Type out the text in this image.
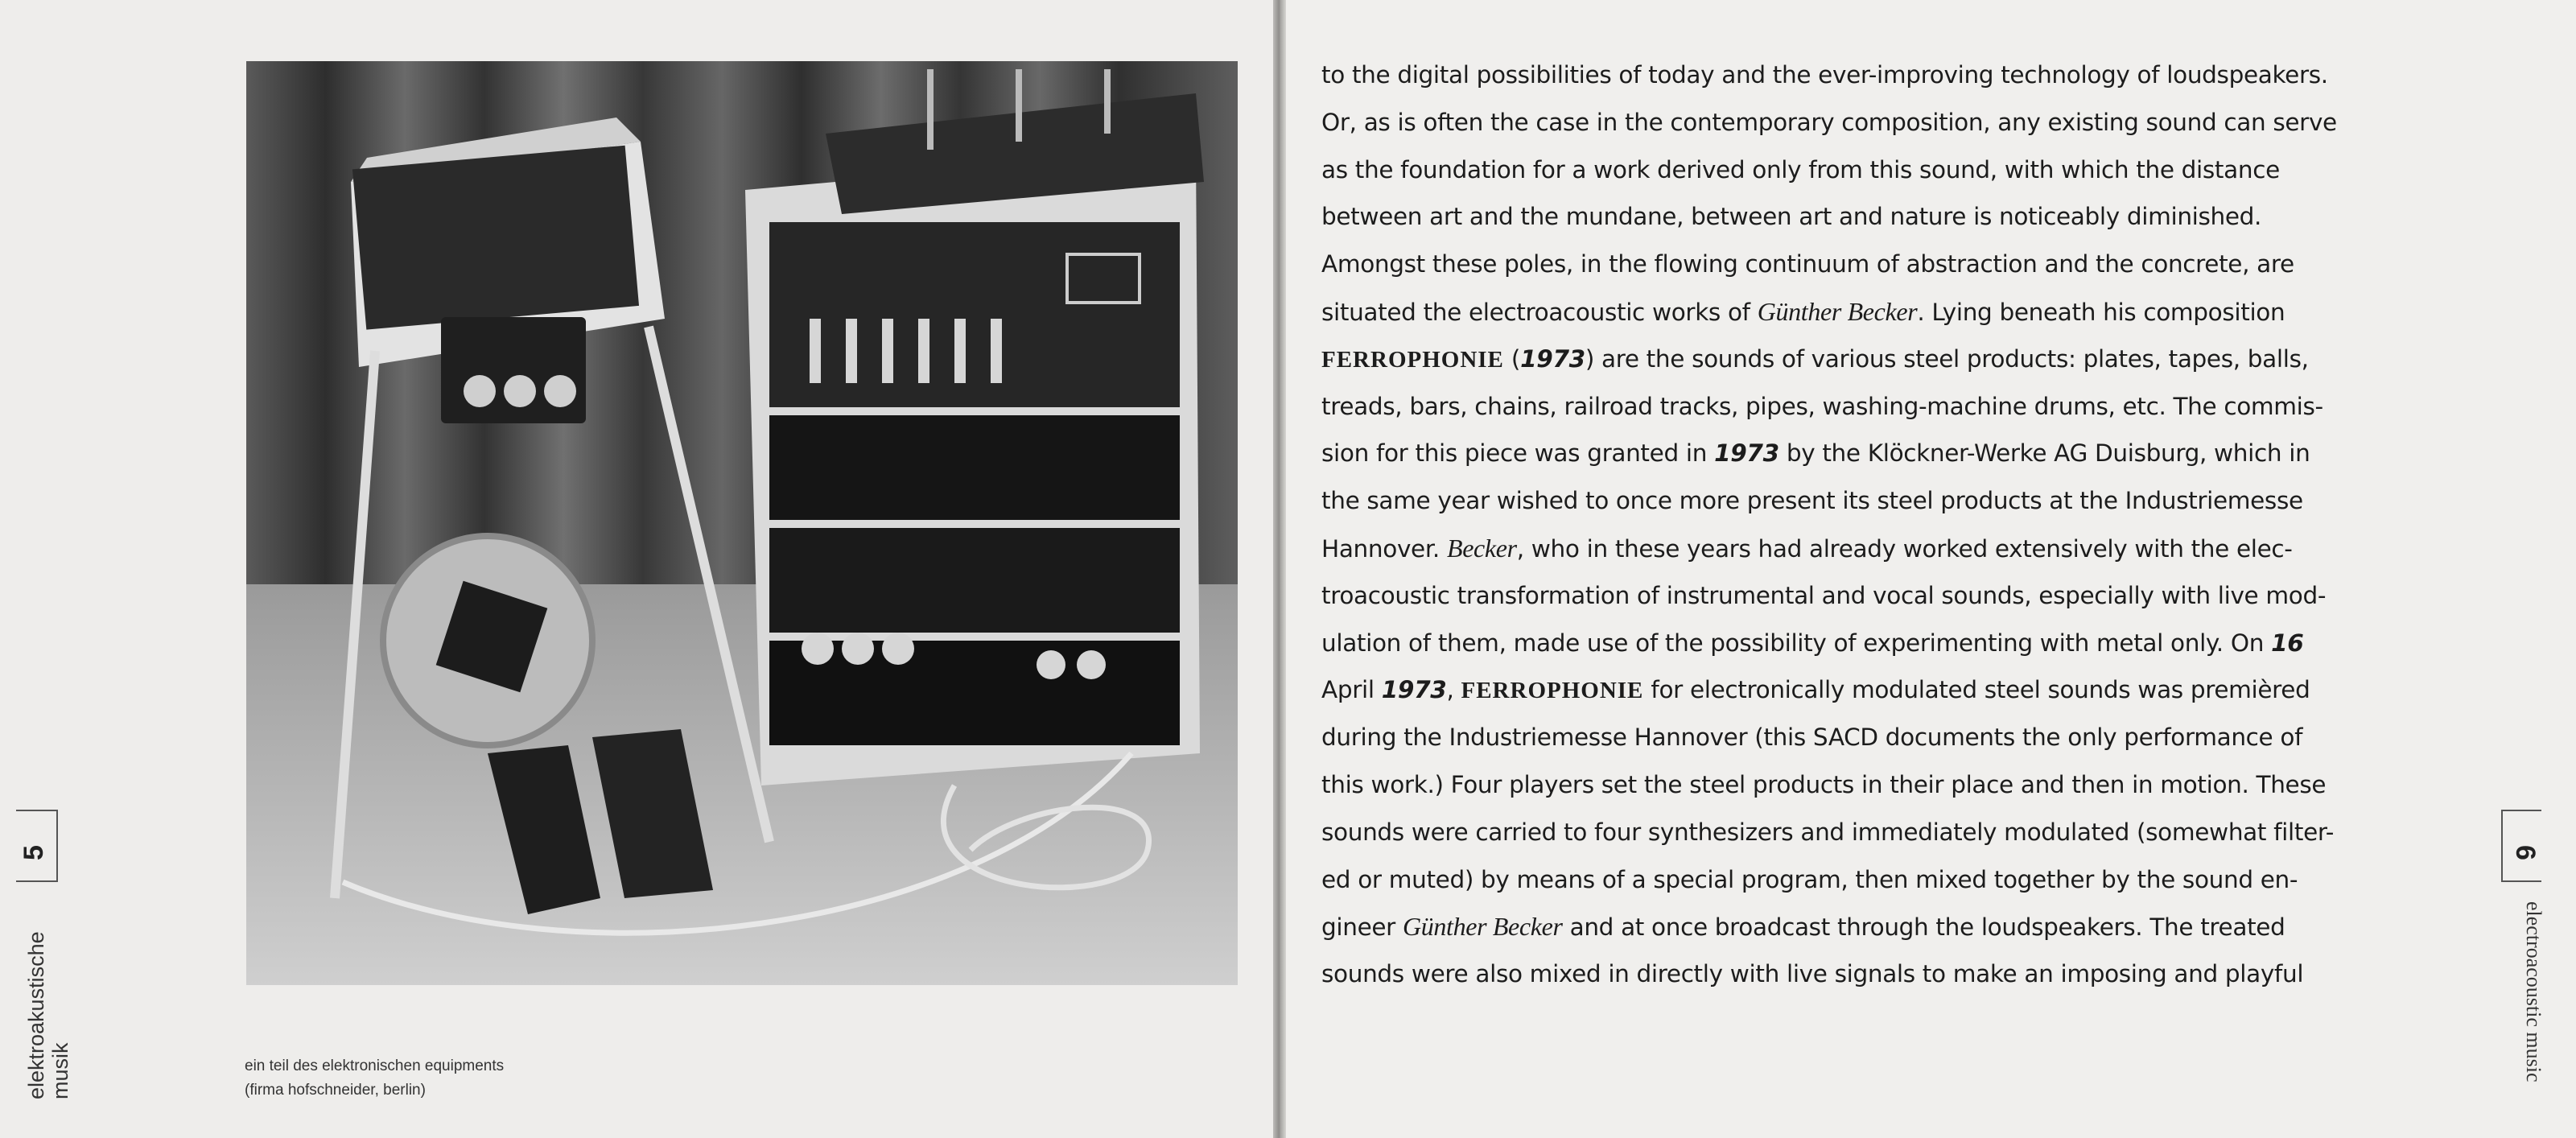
ein teil des elektronischen equipments
(firma hofschneider, berlin)
5
elektroakustische musik
6
electroacoustic music
to the digital possibilities of today and the ever-improving technology of loudspeakers.
Or, as is often the case in the contemporary composition, any existing sound can serve
as the foundation for a work derived only from this sound, with which the distance
between art and the mundane, between art and nature is noticeably diminished.
Amongst these poles, in the flowing continuum of abstraction and the concrete, are
situated the electroacoustic works of Günther Becker. Lying beneath his composition
FERROPHONIE (1973) are the sounds of various steel products: plates, tapes, balls,
treads, bars, chains, railroad tracks, pipes, washing-machine drums, etc. The commis-
sion for this piece was granted in 1973 by the Klöckner-Werke AG Duisburg, which in
the same year wished to once more present its steel products at the Industriemesse
Hannover. Becker, who in these years had already worked extensively with the elec-
troacoustic transformation of instrumental and vocal sounds, especially with live mod-
ulation of them, made use of the possibility of experimenting with metal only. On 16
April 1973, FERROPHONIE for electronically modulated steel sounds was premièred
during the Industriemesse Hannover (this SACD documents the only performance of
this work.) Four players set the steel products in their place and then in motion. These
sounds were carried to four synthesizers and immediately modulated (somewhat filter-
ed or muted) by means of a special program, then mixed together by the sound en-
gineer Günther Becker and at once broadcast through the loudspeakers. The treated
sounds were also mixed in directly with live signals to make an imposing and playful
